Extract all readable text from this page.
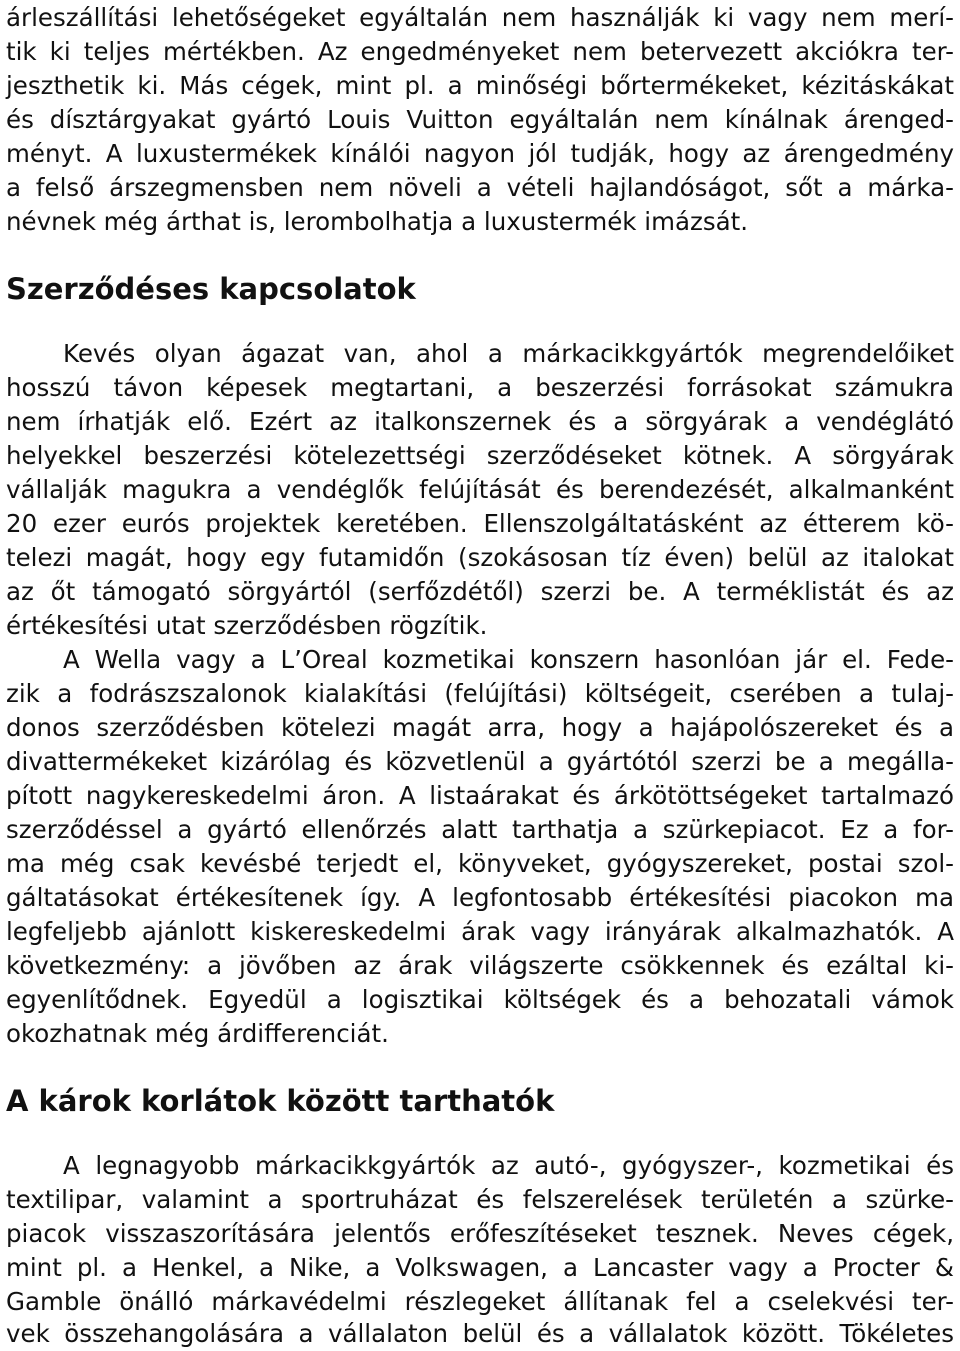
árleszállítási lehetőségeket egyáltalán nem használják ki vagy nem merí-
tik ki teljes mértékben. Az engedményeket nem betervezett akciókra ter-
jeszthetik ki. Más cégek, mint pl. a minőségi bőrtermékeket, kézitáskákat
és dísztárgyakat gyártó Louis Vuitton egyáltalán nem kínálnak árenged-
ményt. A luxustermékek kínálói nagyon jól tudják, hogy az árengedmény
a felső árszegmensben nem növeli a vételi hajlandóságot, sőt a márka-
névnek még árthat is, lerombolhatja a luxustermék imázsát.
Szerződéses kapcsolatok
Kevés olyan ágazat van, ahol a márkacikkgyártók megrendelőiket
hosszú távon képesek megtartani, a beszerzési forrásokat számukra
nem írhatják elő. Ezért az italkonszernek és a sörgyárak a vendéglátó
helyekkel beszerzési kötelezettségi szerződéseket kötnek. A sörgyárak
vállalják magukra a vendéglők felújítását és berendezését, alkalmanként
20 ezer eurós projektek keretében. Ellenszolgáltatásként az étterem kö-
telezi magát, hogy egy futamidőn (szokásosan tíz éven) belül az italokat
az őt támogató sörgyártól (serfőzdétől) szerzi be. A terméklistát és az
értékesítési utat szerződésben rögzítik.
A Wella vagy a L’Oreal kozmetikai konszern hasonlóan jár el. Fede-
zik a fodrászszalonok kialakítási (felújítási) költségeit, cserében a tulaj-
donos szerződésben kötelezi magát arra, hogy a hajápolószereket és a
divattermékeket kizárólag és közvetlenül a gyártótól szerzi be a megálla-
pított nagykereskedelmi áron. A listaárakat és árkötöttségeket tartalmazó
szerződéssel a gyártó ellenőrzés alatt tarthatja a szürkepiacot. Ez a for-
ma még csak kevésbé terjedt el, könyveket, gyógyszereket, postai szol-
gáltatásokat értékesítenek így. A legfontosabb értékesítési piacokon ma
legfeljebb ajánlott kiskereskedelmi árak vagy irányárak alkalmazhatók. A
következmény: a jövőben az árak világszerte csökkennek és ezáltal ki-
egyenlítődnek. Egyedül a logisztikai költségek és a behozatali vámok
okozhatnak még árdifferenciát.
A károk korlátok között tarthatók
A legnagyobb márkacikkgyártók az autó-, gyógyszer-, kozmetikai és
textilipar, valamint a sportruházat és felszerelések területén a szürke-
piacok visszaszorítására jelentős erőfeszítéseket tesznek. Neves cégek,
mint pl. a Henkel, a Nike, a Volkswagen, a Lancaster vagy a Procter &
Gamble önálló márkavédelmi részlegeket állítanak fel a cselekvési ter-
vek összehangolására a vállalaton belül és a vállalatok között. Tökéletes
